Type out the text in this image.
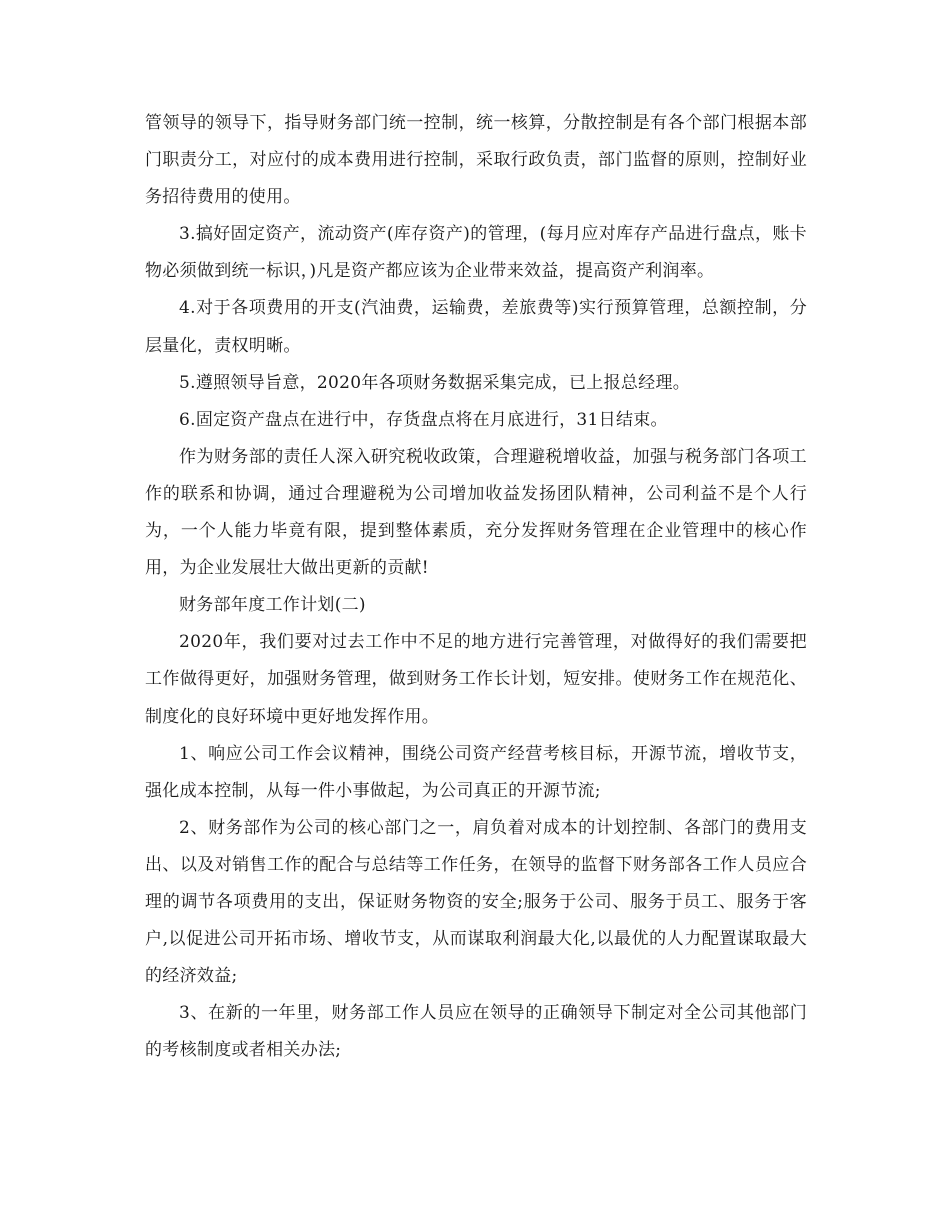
管领导的领导下，指导财务部门统一控制，统一核算，分散控制是有各个部门根据本部门职责分工，对应付的成本费用进行控制，采取行政负责，部门监督的原则，控制好业务招待费用的使用。

3.搞好固定资产，流动资产(库存资产)的管理，(每月应对库存产品进行盘点，账卡物必须做到统一标识，)凡是资产都应该为企业带来效益，提高资产利润率。

4.对于各项费用的开支(汽油费，运输费，差旅费等)实行预算管理，总额控制，分层量化，责权明晰。

5.遵照领导旨意，2020年各项财务数据采集完成，已上报总经理。

6.固定资产盘点在进行中，存货盘点将在月底进行，31日结束。

作为财务部的责任人深入研究税收政策，合理避税增收益，加强与税务部门各项工作的联系和协调，通过合理避税为公司增加收益发扬团队精神，公司利益不是个人行为，一个人能力毕竟有限，提到整体素质，充分发挥财务管理在企业管理中的核心作用，为企业发展壮大做出更新的贡献!

财务部年度工作计划(二)

2020年，我们要对过去工作中不足的地方进行完善管理，对做得好的我们需要把工作做得更好，加强财务管理，做到财务工作长计划，短安排。使财务工作在规范化、制度化的良好环境中更好地发挥作用。

1、响应公司工作会议精神，围绕公司资产经营考核目标，开源节流，增收节支，强化成本控制，从每一件小事做起，为公司真正的开源节流;

2、财务部作为公司的核心部门之一，肩负着对成本的计划控制、各部门的费用支出、以及对销售工作的配合与总结等工作任务，在领导的监督下财务部各工作人员应合理的调节各项费用的支出，保证财务物资的安全;服务于公司、服务于员工、服务于客户,以促进公司开拓市场、增收节支，从而谋取利润最大化,以最优的人力配置谋取最大的经济效益;

3、在新的一年里，财务部工作人员应在领导的正确领导下制定对全公司其他部门的考核制度或者相关办法;
